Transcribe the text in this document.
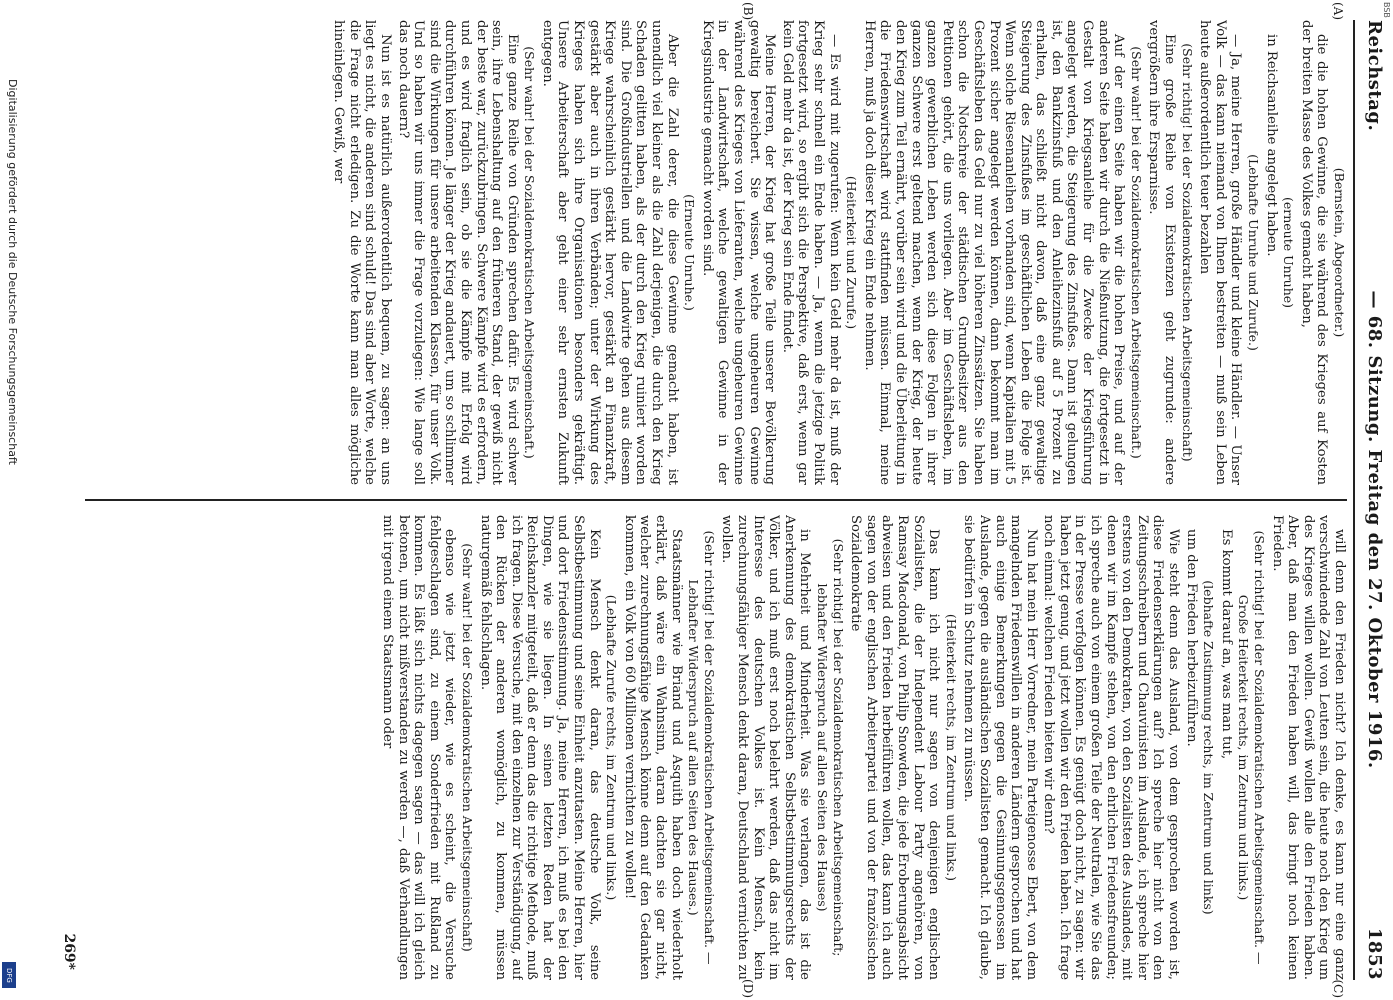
Digitalisierung gefördert durch die Deutsche Forschungsgemeinschaft
DFG
BSB
Reichstag.
— 68. Sitzung. Freitag den 27. Oktober 1916.
1853

(Bernstein, Abgeordneter.)

die die hohen Gewinne, die sie während des Krieges auf Kosten der breiten Masse des Volkes gemacht haben,

(erneute Unruhe)

in Reichsanleihe angelegt haben.

(Lebhafte Unruhe und Zurufe.)

— Ja, meine Herren, große Händler und kleine Händler. — Unser Volk — das kann niemand von Ihnen bestreiten — muß sein Leben heute außerordentlich teuer bezahlen

(Sehr richtig! bei der Sozialdemokratischen Arbeitsgemeinschaft)

Eine große Reihe von Existenzen geht zugrunde: andere vergrößern ihre Ersparnisse.

(Sehr wahr! bei der Sozialdemokratischen Arbeitsgemeinschaft.)

Auf der einen Seite haben wir die hohen Preise, und auf der anderen Seite haben wir durch die Nießnutzung, die fortgesetzt in Gestalt von Kriegsanleihe für die Zwecke der Kriegsführung angelegt werden, die Steigerung des Zinsfußes. Dann ist gelungen ist, den Bankzinsfuß und den Anleihezinsfuß auf 5 Prozent zu erhalten, das schließt nicht davon, daß eine ganz gewaltige Steigerung des Zinsfußes im geschäftlichen Leben die Folge ist. Wenn solche Riesenanleihen vorhanden sind, wenn Kapitalien mit 5 Prozent sicher angelegt werden können, dann bekommt man im Geschäftsleben das Geld nur zu viel höheren Zinssätzen. Sie haben schon die Notschreie der städtischen Grundbesitzer aus den Petitionen gehört, die uns vorliegen. Aber im Geschäftsleben, im ganzen gewerblichen Leben werden sich diese Folgen in ihrer ganzen Schwere erst geltend machen, wenn der Krieg, der heute den Krieg zum Teil ernährt, vorüber sein wird und die Überleitung in die Friedenswirtschaft wird stattfinden müssen. Einmal, meine Herren, muß ja doch dieser Krieg ein Ende nehmen.

(Heiterkeit und Zurufe.)

— Es wird mit zugerufen: Wenn kein Geld mehr da ist, muß der Krieg sehr schnell ein Ende haben. — Ja, wenn die jetzige Politik fortgesetzt wird, so ergibt sich die Perspektive, daß erst, wenn gar kein Geld mehr da ist, der Krieg sein Ende findet.

Meine Herren, der Krieg hat große Teile unserer Bevölkerung gewaltig bereichert. Sie wissen, welche ungeheuren Gewinne während des Krieges von Lieferanten, welche ungeheuren Gewinne in der Landwirtschaft, welche gewaltigen Gewinne in der Kriegsindustrie gemacht worden sind.

(Erneute Unruhe.)

Aber die Zahl derer, die diese Gewinne gemacht haben, ist unendlich viel kleiner als die Zahl derjenigen, die durch den Krieg Schaden gelitten haben, als der durch den Krieg ruiniert worden sind. Die Großindustriellen und die Landwirte gehen aus diesem Kriege wahrscheinlich gestärkt hervor, gestärkt an Finanzkraft, gestärkt aber auch in ihren Verbänden; unter der Wirkung des Krieges haben sich ihre Organisationen besonders gekräftigt. Unsere Arbeiterschaft aber geht einer sehr ernsten Zukunft entgegen.

(Sehr wahr! bei der Sozialdemokratischen Arbeitsgemeinschaft.)

Eine ganze Reihe von Gründen sprechen dafür. Es wird schwer sein, ihre Lebenshaltung auf den früheren Stand, der gewiß nicht der beste war, zurückzubringen. Schwere Kämpfe wird es erfordern, und es wird fraglich sein, ob sie die Kämpfe mit Erfolg wird durchführen können. Je länger der Krieg andauert, um so schlimmer sind die Wirkungen für unsere arbeitenden Klassen, für unser Volk. Und so haben wir uns immer die Frage vorzulegen: Wie lange soll das noch dauern?

Nun ist es natürlich außerordentlich bequem, zu sagen: an uns liegt es nicht, die anderen sind schuld! Das sind aber Worte, welche die Frage nicht erledigen. Zu die Worte kann man alles mögliche hineinlegen. Gewiß, wer

will denn den Frieden nicht? Ich denke, es kann nur eine ganz verschwindende Zahl von Leuten sein, die heute noch den Krieg um des Krieges willen wollen. Gewiß wollen alle den Frieden haben. Aber, daß man den Frieden haben will, das bringt noch keinen Frieden.

(Sehr richtig! bei der Sozialdemokratischen Arbeitsgemeinschaft. — Große Heiterkeit rechts, im Zentrum und links.)

Es kommt darauf an, was man tut,

(lebhafte Zustimmung rechts, im Zentrum und links)

um den Frieden herbeizuführen.

Wie steht denn das Ausland, von dem gesprochen worden ist, diese Friedenserklärungen auf? Ich spreche hier nicht von den Zeitungsschreibern und Chauvinisten im Auslande, ich spreche hier erstens von den Demokraten, von den Sozialisten des Auslandes, mit denen wir im Kampfe stehen, von den ehrlichen Friedensfreunden; ich spreche auch von einem großen Teile der Neutralen, wie Sie das in der Presse verfolgen können. Es genügt doch nicht, zu sagen: wir haben jetzt genug, und jetzt wollen wir den Frieden haben. Ich frage noch einmal: welchen Frieden bieten wir denn?

Nun hat mein Herr Vorredner, mein Parteigenosse Ebert, von dem mangelnden Friedenswillen in anderen Ländern gesprochen und hat auch einige Bemerkungen gegen die Gesinnungsgenossen im Auslande, gegen die ausländischen Sozialisten gemacht. Ich glaube, sie bedürfen in Schutz nehmen zu müssen.

(Heiterkeit rechts, im Zentrum und links.)

Das kann ich nicht nur sagen von denjenigen englischen Sozialisten, die der Independent Labour Party angehören, von Ramsay Macdonald, von Philip Snowden, die jede Eroberungsabsicht abweisen und den Frieden herbeiführen wollen, das kann ich auch sagen von der englischen Arbeiterpartei und von der französischen Sozialdemokratie

(Sehr richtig! bei der Sozialdemokratischen Arbeitsgemeinschaft; lebhafter Widerspruch auf allen Seiten des Hauses)

in Mehrheit und Minderheit. Was sie verlangen, das ist die Anerkennung des demokratischen Selbstbestimmungsrechts der Völker, und ich muß erst noch belehrt werden, daß das nicht im Interesse des deutschen Volkes ist. Kein Mensch, kein zurechnungsfähiger Mensch denkt daran, Deutschland vernichten zu wollen.

(Sehr richtig! bei der Sozialdemokratischen Arbeitsgemeinschaft. — Lebhafter Widerspruch auf allen Seiten des Hauses.)

Staatsmänner wie Briand und Asquith haben doch wiederholt erklärt, daß wäre ein Wahnsinn, daran dachten sie gar nicht, welcher zurechnungsfähige Mensch könne denn auf den Gedanken kommen, ein Volk von 60 Millionen vernichten zu wollen!

(Lebhafte Zurufe rechts, im Zentrum und links.)

Kein Mensch denkt daran, das deutsche Volk, seine Selbstbestimmung und seine Einheit anzutasten. Meine Herren, hier und dort Friedensstimmung. Ja, meine Herren, ich muß es bei den Dingen, wie sie liegen. In seinen letzten Reden hat der Reichskanzler mitgeteilt, daß er denn das die richtige Methode, muß ich fragen. Diese Versuche, mit den einzelnen zur Verständigung, auf den Rücken der anderen womöglich, zu kommen, müssen naturgemäß fehlschlagen.

(Sehr wahr! bei der Sozialdemokratischen Arbeitsgemeinschaft)

ebenso wie jetzt wieder, wie es scheint, die Versuche fehlgeschlagen sind, zu einem Sonderfrieden mit Rußland zu kommen. Es läßt sich nichts dagegen sagen — das will ich gleich betonen, um nicht mißverstanden zu werden —, daß Verhandlungen mit irgend einem Staatsmann oder

(A)
(B)
(C)
(D)
269*
